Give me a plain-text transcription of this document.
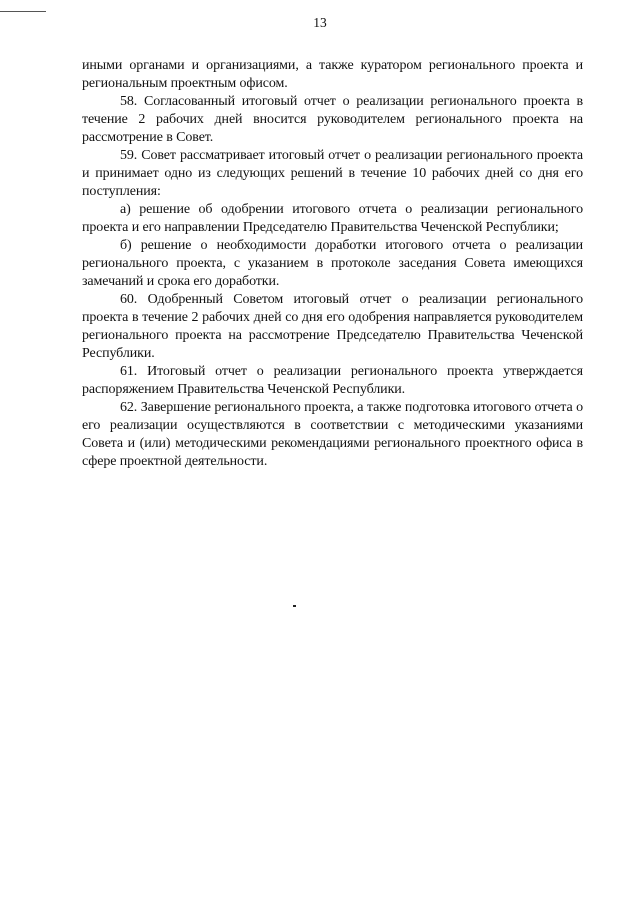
13

иными органами и организациями, а также куратором регионального проекта и региональным проектным офисом.

58. Согласованный итоговый отчет о реализации регионального проекта в течение 2 рабочих дней вносится руководителем регионального проекта на рассмотрение в Совет.

59. Совет рассматривает итоговый отчет о реализации регионального проекта и принимает одно из следующих решений в течение 10 рабочих дней со дня его поступления:

а) решение об одобрении итогового отчета о реализации регионального проекта и его направлении Председателю Правительства Чеченской Республики;

б) решение о необходимости доработки итогового отчета о реализации регионального проекта, с указанием в протоколе заседания Совета имеющихся замечаний и срока его доработки.

60. Одобренный Советом итоговый отчет о реализации регионального проекта в течение 2 рабочих дней со дня его одобрения направляется руководителем регионального проекта на рассмотрение Председателю Правительства Чеченской Республики.

61. Итоговый отчет о реализации регионального проекта утверждается распоряжением Правительства Чеченской Республики.

62. Завершение регионального проекта, а также подготовка итогового отчета о его реализации осуществляются в соответствии с методическими указаниями Совета и (или) методическими рекомендациями регионального проектного офиса в сфере проектной деятельности.
